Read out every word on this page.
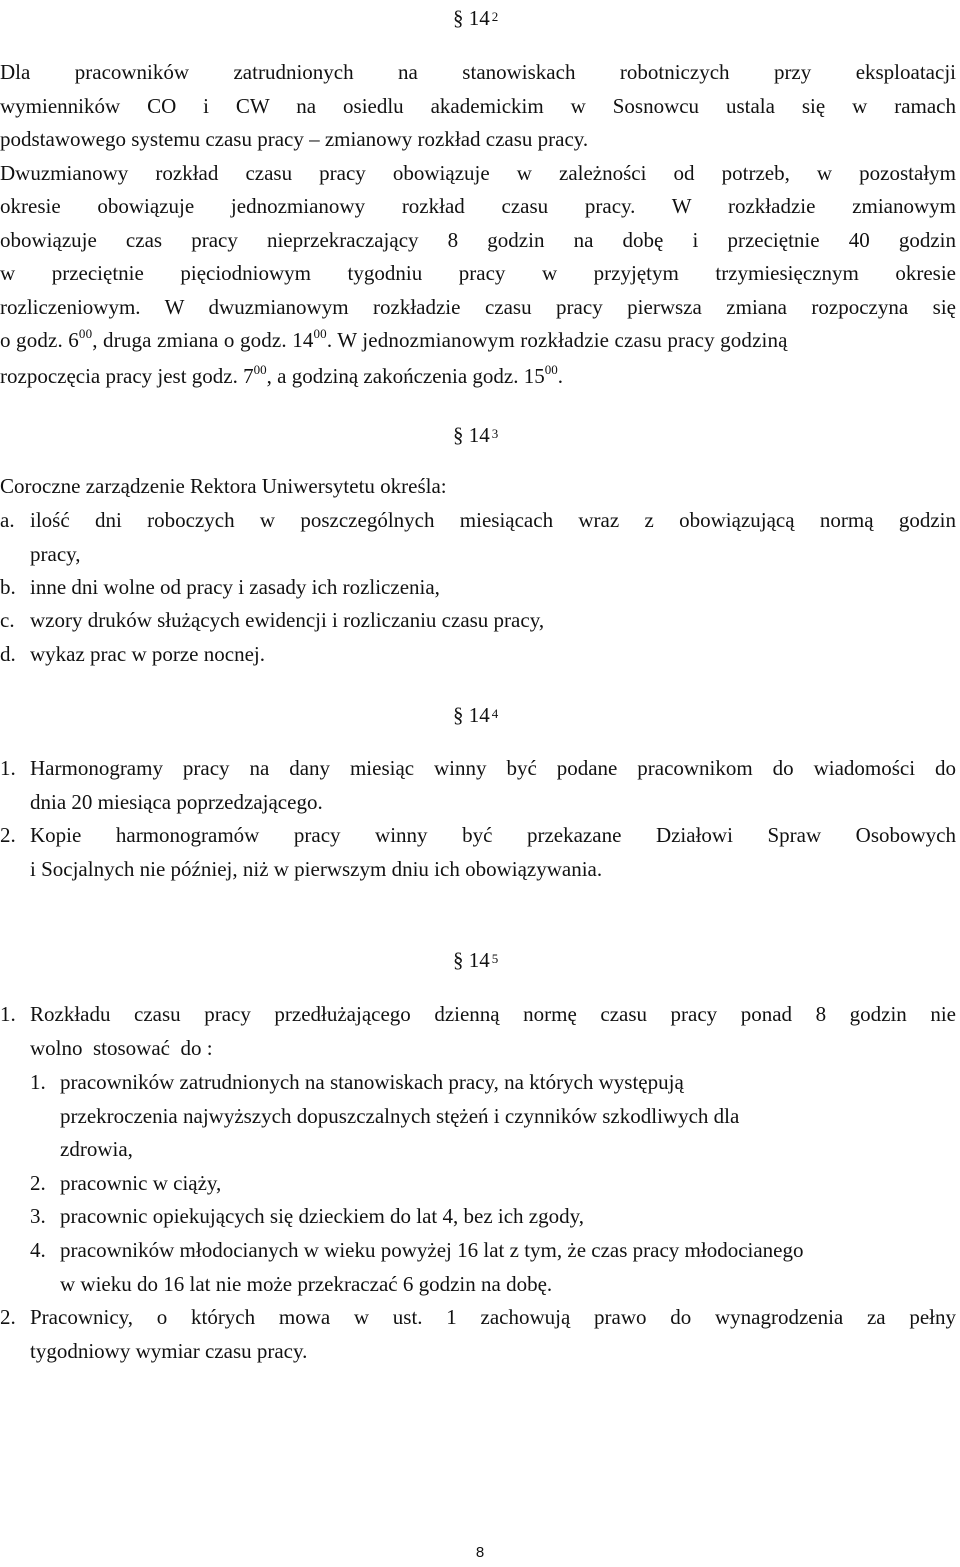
§ 14 $^2$
Dla pracowników zatrudnionych na stanowiskach robotniczych przy eksploatacji
wymienników CO i CW na osiedlu akademickim w Sosnowcu ustala się w ramach
podstawowego systemu czasu pracy – zmianowy rozkład czasu pracy.
Dwuzmianowy rozkład czasu pracy obowiązuje w zależności od potrzeb, w pozostałym
okresie obowiązuje jednozmianowy rozkład czasu pracy. W rozkładzie zmianowym
obowiązuje czas pracy nieprzekraczający 8 godzin na dobę i przeciętnie 40 godzin
w przeciętnie pięciodniowym tygodniu pracy w przyjętym trzymiesięcznym okresie
rozliczeniowym. W dwuzmianowym rozkładzie czasu pracy pierwsza zmiana rozpoczyna się
o godz. $6^{00}$, druga zmiana o godz. $14^{00}$. W jednozmianowym rozkładzie czasu pracy godziną
rozpoczęcia pracy jest godz. $7^{00}$, a godziną zakończenia godz. $15^{00}$.
§ 14 $^3$
Coroczne zarządzenie Rektora Uniwersytetu określa:
a. ilość dni roboczych w poszczególnych miesiącach wraz z obowiązującą normą godzin
pracy,
b. inne dni wolne od pracy i zasady ich rozliczenia,
c. wzory druków służących ewidencji i rozliczaniu czasu pracy,
d. wykaz prac w porze nocnej.
§ 14 $^4$
1. Harmonogramy pracy na dany miesiąc winny być podane pracownikom do wiadomości do
dnia 20 miesiąca poprzedzającego.
2. Kopie harmonogramów pracy winny być przekazane Działowi Spraw Osobowych
i Socjalnych nie później, niż w pierwszym dniu ich obowiązywania.
§ 14 $^5$
1. Rozkładu czasu pracy przedłużającego dzienną normę czasu pracy ponad 8 godzin nie
wolno  stosować  do :
1. pracowników zatrudnionych na stanowiskach pracy, na których występują
przekroczenia najwyższych dopuszczalnych stężeń i czynników szkodliwych dla
zdrowia,
2. pracownic w ciąży,
3. pracownic opiekujących się dzieckiem do lat 4, bez ich zgody,
4. pracowników młodocianych w wieku powyżej 16 lat z tym, że czas pracy młodocianego
w wieku do 16 lat nie może przekraczać 6 godzin na dobę.
2. Pracownicy, o których mowa w ust. 1 zachowują prawo do wynagrodzenia za pełny
tygodniowy wymiar czasu pracy.
8
